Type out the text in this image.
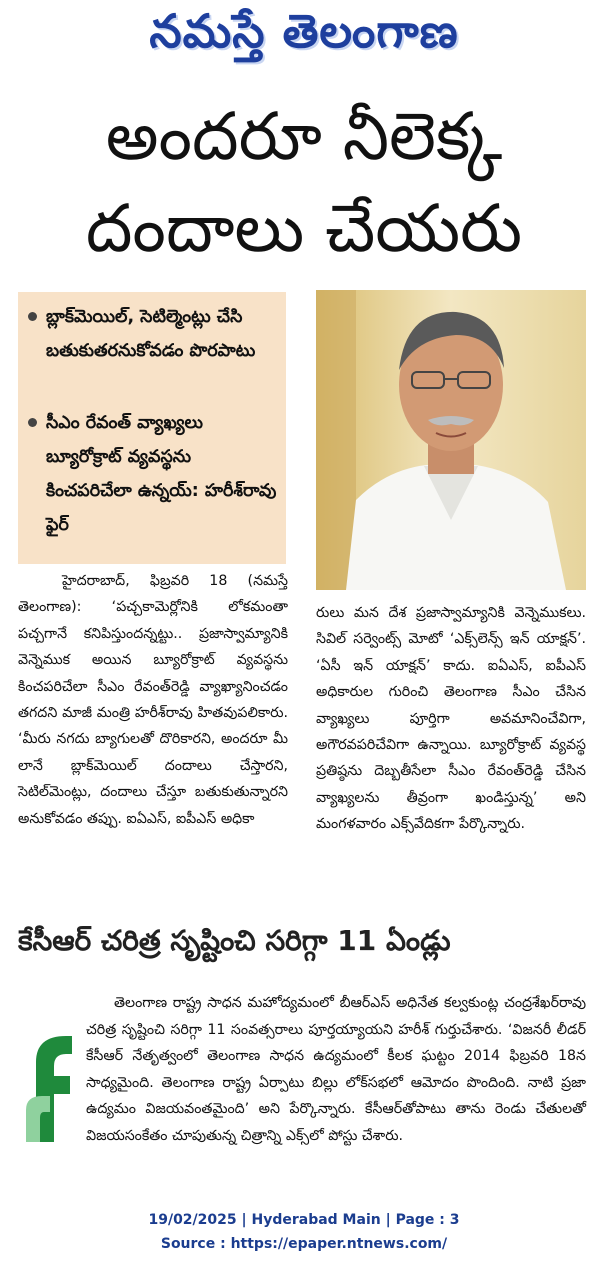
నమస్తే తెలంగాణ
అందరూ నీలెక్క
దందాలు చేయరు
బ్లాక్‌మెయిల్‌, సెటిల్మెంట్లు చేసి బతుకుతరనుకోవడం పొరపాటు
సీఎం రేవంత్‌ వ్యాఖ్యలు బ్యూరోక్రాట్‌ వ్యవస్థను కించపరిచేలా ఉన్నయ్‌: హరీశ్‌రావు ఫైర్‌
హైదరాబాద్‌, ఫిబ్రవరి 18 (నమస్తే తెలంగాణ): ‘పచ్చకామెర్లోనికి లోకమంతా పచ్చగానే కనిపిస్తుందన్నట్టు.. ప్రజాస్వామ్యానికి వెన్నెముక అయిన బ్యూరోక్రాట్‌ వ్యవస్థను కించపరిచేలా సీఎం రేవంత్‌రెడ్డి వ్యాఖ్యానించడం తగదని మాజీ మంత్రి హరీశ్‌రావు హితవుపలికారు. ‘మీరు నగదు బ్యాగులతో దొరికారని, అందరూ మీ లానే బ్లాక్‌మెయిల్‌ దందాలు చేస్తారని, సెటిల్‌మెంట్లు, దందాలు చేస్తూ బతుకుతున్నారని అనుకోవడం తప్పు. ఐఏఎస్‌, ఐపీఎస్‌ అధికా
రులు మన దేశ ప్రజాస్వామ్యానికి వెన్నెముకలు. సివిల్‌ సర్వెంట్స్‌ మోటో ‘ఎక్స్‌లెన్స్‌ ఇన్‌ యాక్షన్‌’. ‘ఏసీ ఇన్‌ యాక్షన్‌’ కాదు. ఐఏఎస్‌, ఐపీఎస్‌ అధికారుల గురించి తెలంగాణ సీఎం చేసిన వ్యాఖ్యలు పూర్తిగా అవమానించేవిగా, అగౌరవపరిచేవిగా ఉన్నాయి. బ్యూరోక్రాట్‌ వ్యవస్థ ప్రతిష్ఠను దెబ్బతీసేలా సీఎం రేవంత్‌రెడ్డి చేసిన వ్యాఖ్యలను తీవ్రంగా ఖండిస్తున్న’ అని మంగళవారం ఎక్స్‌వేదికగా పేర్కొన్నారు.
కేసీఆర్‌ చరిత్ర సృష్టించి సరిగ్గా 11 ఏండ్లు
తెలంగాణ రాష్ట్ర సాధన మహోద్యమంలో బీఆర్‌ఎస్‌ అధినేత కల్వకుంట్ల చంద్రశేఖర్‌రావు చరిత్ర సృష్టించి సరిగ్గా 11 సంవత్సరాలు పూర్తయ్యాయని హరీశ్‌ గుర్తుచేశారు. ‘విజనరీ లీడర్‌ కేసీఆర్‌ నేతృత్వంలో తెలంగాణ సాధన ఉద్యమంలో కీలక ఘట్టం 2014 ఫిబ్రవరి 18న సాధ్యమైంది. తెలంగాణ రాష్ట్ర ఏర్పాటు బిల్లు లోక్‌సభలో ఆమోదం పొందింది. నాటి ప్రజా ఉద్యమం విజయవంతమైంది’ అని పేర్కొన్నారు. కేసీఆర్‌తోపాటు తాను రెండు చేతులతో విజయసంకేతం చూపుతున్న చిత్రాన్ని ఎక్స్‌లో పోస్టు చేశారు.
19/02/2025 | Hyderabad Main | Page : 3
Source : https://epaper.ntnews.com/
